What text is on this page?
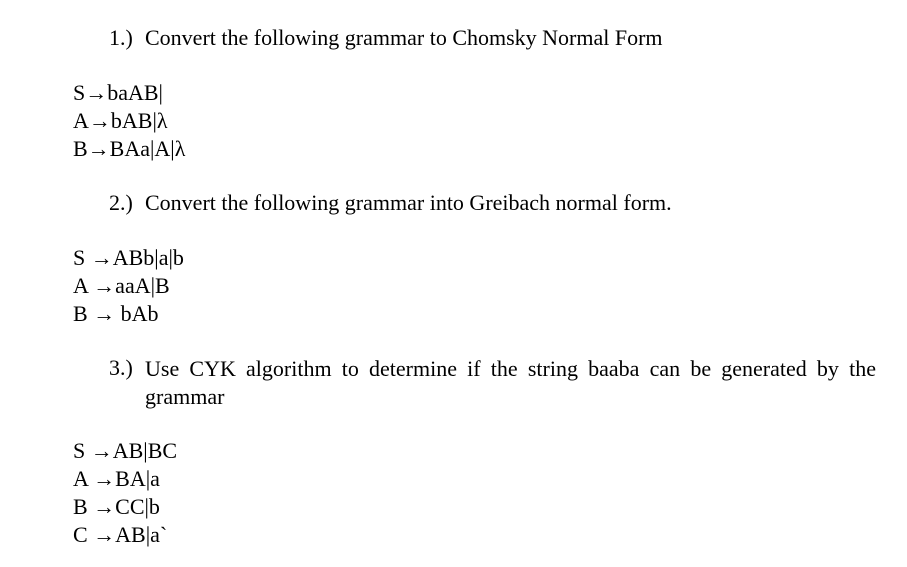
1.) Convert the following grammar to Chomsky Normal Form
S→baAB|
A→bAB|λ
B→BAa|A|λ
2.) Convert the following grammar into Greibach normal form.
S →ABb|a|b
A →aaA|B
B → bAb
3.) Use CYK algorithm to determine if the string baaba can be generated by the grammar
S →AB|BC
A →BA|a
B →CC|b
C →AB|a`
